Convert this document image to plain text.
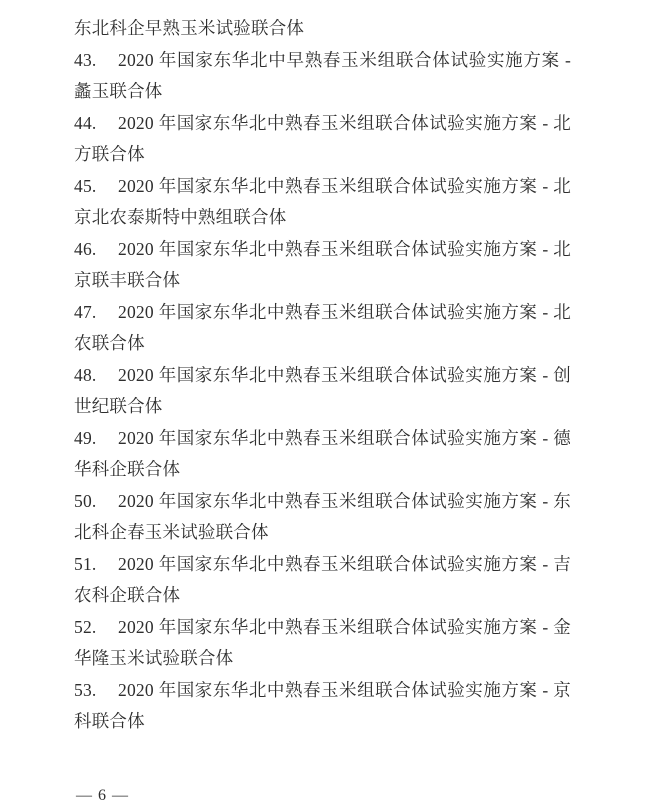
东北科企早熟玉米试验联合体
43. 2020 年国家东华北中早熟春玉米组联合体试验实施方案 -
蠡玉联合体
44. 2020 年国家东华北中熟春玉米组联合体试验实施方案 - 北
方联合体
45. 2020 年国家东华北中熟春玉米组联合体试验实施方案 - 北
京北农泰斯特中熟组联合体
46. 2020 年国家东华北中熟春玉米组联合体试验实施方案 - 北
京联丰联合体
47. 2020 年国家东华北中熟春玉米组联合体试验实施方案 - 北
农联合体
48. 2020 年国家东华北中熟春玉米组联合体试验实施方案 - 创
世纪联合体
49. 2020 年国家东华北中熟春玉米组联合体试验实施方案 - 德
华科企联合体
50. 2020 年国家东华北中熟春玉米组联合体试验实施方案 - 东
北科企春玉米试验联合体
51. 2020 年国家东华北中熟春玉米组联合体试验实施方案 - 吉
农科企联合体
52. 2020 年国家东华北中熟春玉米组联合体试验实施方案 - 金
华隆玉米试验联合体
53. 2020 年国家东华北中熟春玉米组联合体试验实施方案 - 京
科联合体
— 6 —
